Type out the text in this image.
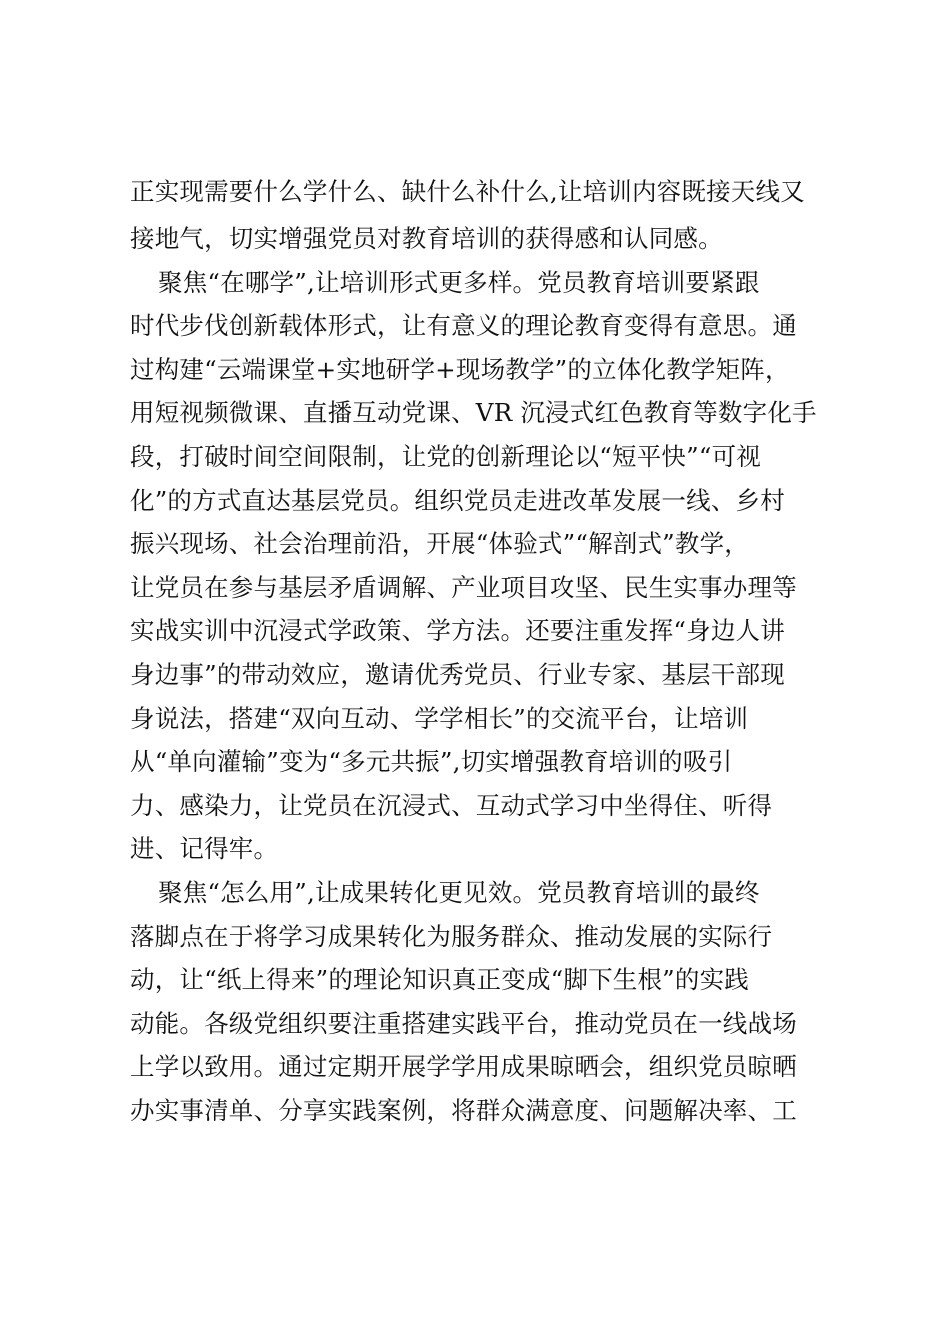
正实现需要什么学什么、缺什么补什么,让培训内容既接天线又
接地气，切实增强党员对教育培训的获得感和认同感。
聚焦“在哪学”,让培训形式更多样。党员教育培训要紧跟
时代步伐创新载体形式，让有意义的理论教育变得有意思。通
过构建“云端课堂+实地研学+现场教学”的立体化教学矩阵，
用短视频微课、直播互动党课、VR 沉浸式红色教育等数字化手
段，打破时间空间限制，让党的创新理论以“短平快”“可视
化”的方式直达基层党员。组织党员走进改革发展一线、乡村
振兴现场、社会治理前沿，开展“体验式”“解剖式”教学，
让党员在参与基层矛盾调解、产业项目攻坚、民生实事办理等
实战实训中沉浸式学政策、学方法。还要注重发挥“身边人讲
身边事”的带动效应，邀请优秀党员、行业专家、基层干部现
身说法，搭建“双向互动、学学相长”的交流平台，让培训
从“单向灌输”变为“多元共振”,切实增强教育培训的吸引
力、感染力，让党员在沉浸式、互动式学习中坐得住、听得
进、记得牢。
聚焦“怎么用”,让成果转化更见效。党员教育培训的最终
落脚点在于将学习成果转化为服务群众、推动发展的实际行
动，让“纸上得来”的理论知识真正变成“脚下生根”的实践
动能。各级党组织要注重搭建实践平台，推动党员在一线战场
上学以致用。通过定期开展学学用成果晾晒会，组织党员晾晒
办实事清单、分享实践案例，将群众满意度、问题解决率、工
